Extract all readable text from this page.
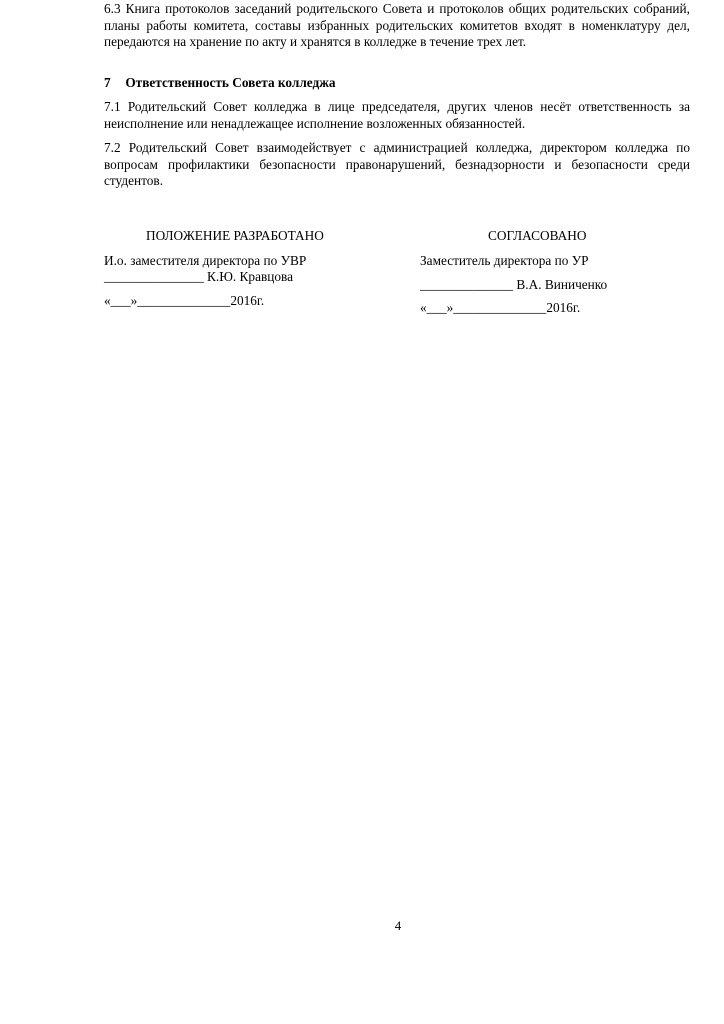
6.3 Книга протоколов заседаний родительского Совета и протоколов общих родительских собраний, планы работы комитета, составы избранных родительских комитетов входят в номенклатуру дел, передаются на хранение по акту и хранятся в колледже в течение трех лет.

7 Ответственность Совета колледжа

7.1 Родительский Совет колледжа в лице председателя, других членов несёт ответственность за неисполнение или ненадлежащее исполнение возложенных обязанностей.

7.2 Родительский Совет взаимодействует с администрацией колледжа, директором колледжа по вопросам профилактики безопасности правонарушений, безнадзорности и безопасности среди студентов.

ПОЛОЖЕНИЕ РАЗРАБОТАНО
И.о. заместителя директора по УВР
_______________ К.Ю. Кравцова
«___»______________2016г.
СОГЛАСОВАНО
Заместитель директора по УР
______________ В.А. Виниченко
«___»______________2016г.
4
